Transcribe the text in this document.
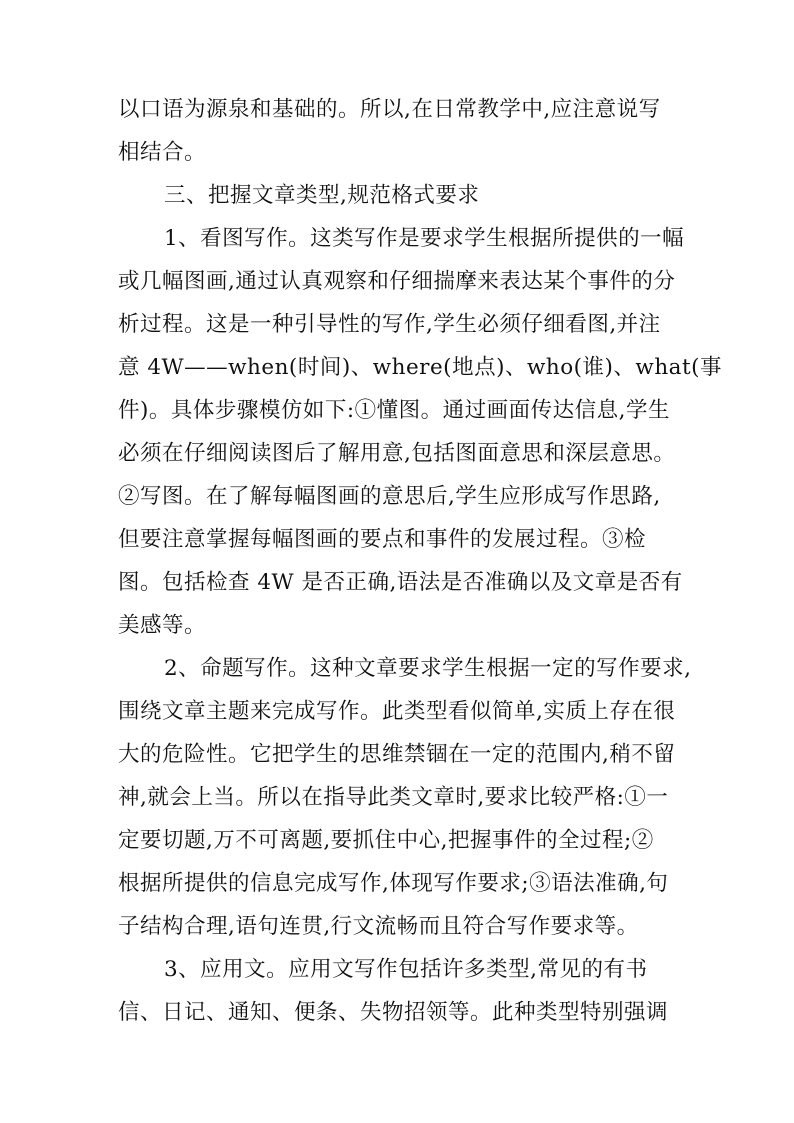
以口语为源泉和基础的。所以,在日常教学中,应注意说写
相结合。
三、把握文章类型,规范格式要求
1、看图写作。这类写作是要求学生根据所提供的一幅
或几幅图画,通过认真观察和仔细揣摩来表达某个事件的分
析过程。这是一种引导性的写作,学生必须仔细看图,并注
意 4W——when(时间)、where(地点)、who(谁)、what(事
件)。具体步骤模仿如下:①懂图。通过画面传达信息,学生
必须在仔细阅读图后了解用意,包括图面意思和深层意思。
②写图。在了解每幅图画的意思后,学生应形成写作思路,
但要注意掌握每幅图画的要点和事件的发展过程。③检
图。包括检查 4W 是否正确,语法是否准确以及文章是否有
美感等。
2、命题写作。这种文章要求学生根据一定的写作要求,
围绕文章主题来完成写作。此类型看似简单,实质上存在很
大的危险性。它把学生的思维禁锢在一定的范围内,稍不留
神,就会上当。所以在指导此类文章时,要求比较严格:①一
定要切题,万不可离题,要抓住中心,把握事件的全过程;②
根据所提供的信息完成写作,体现写作要求;③语法准确,句
子结构合理,语句连贯,行文流畅而且符合写作要求等。
3、应用文。应用文写作包括许多类型,常见的有书
信、日记、通知、便条、失物招领等。此种类型特别强调
